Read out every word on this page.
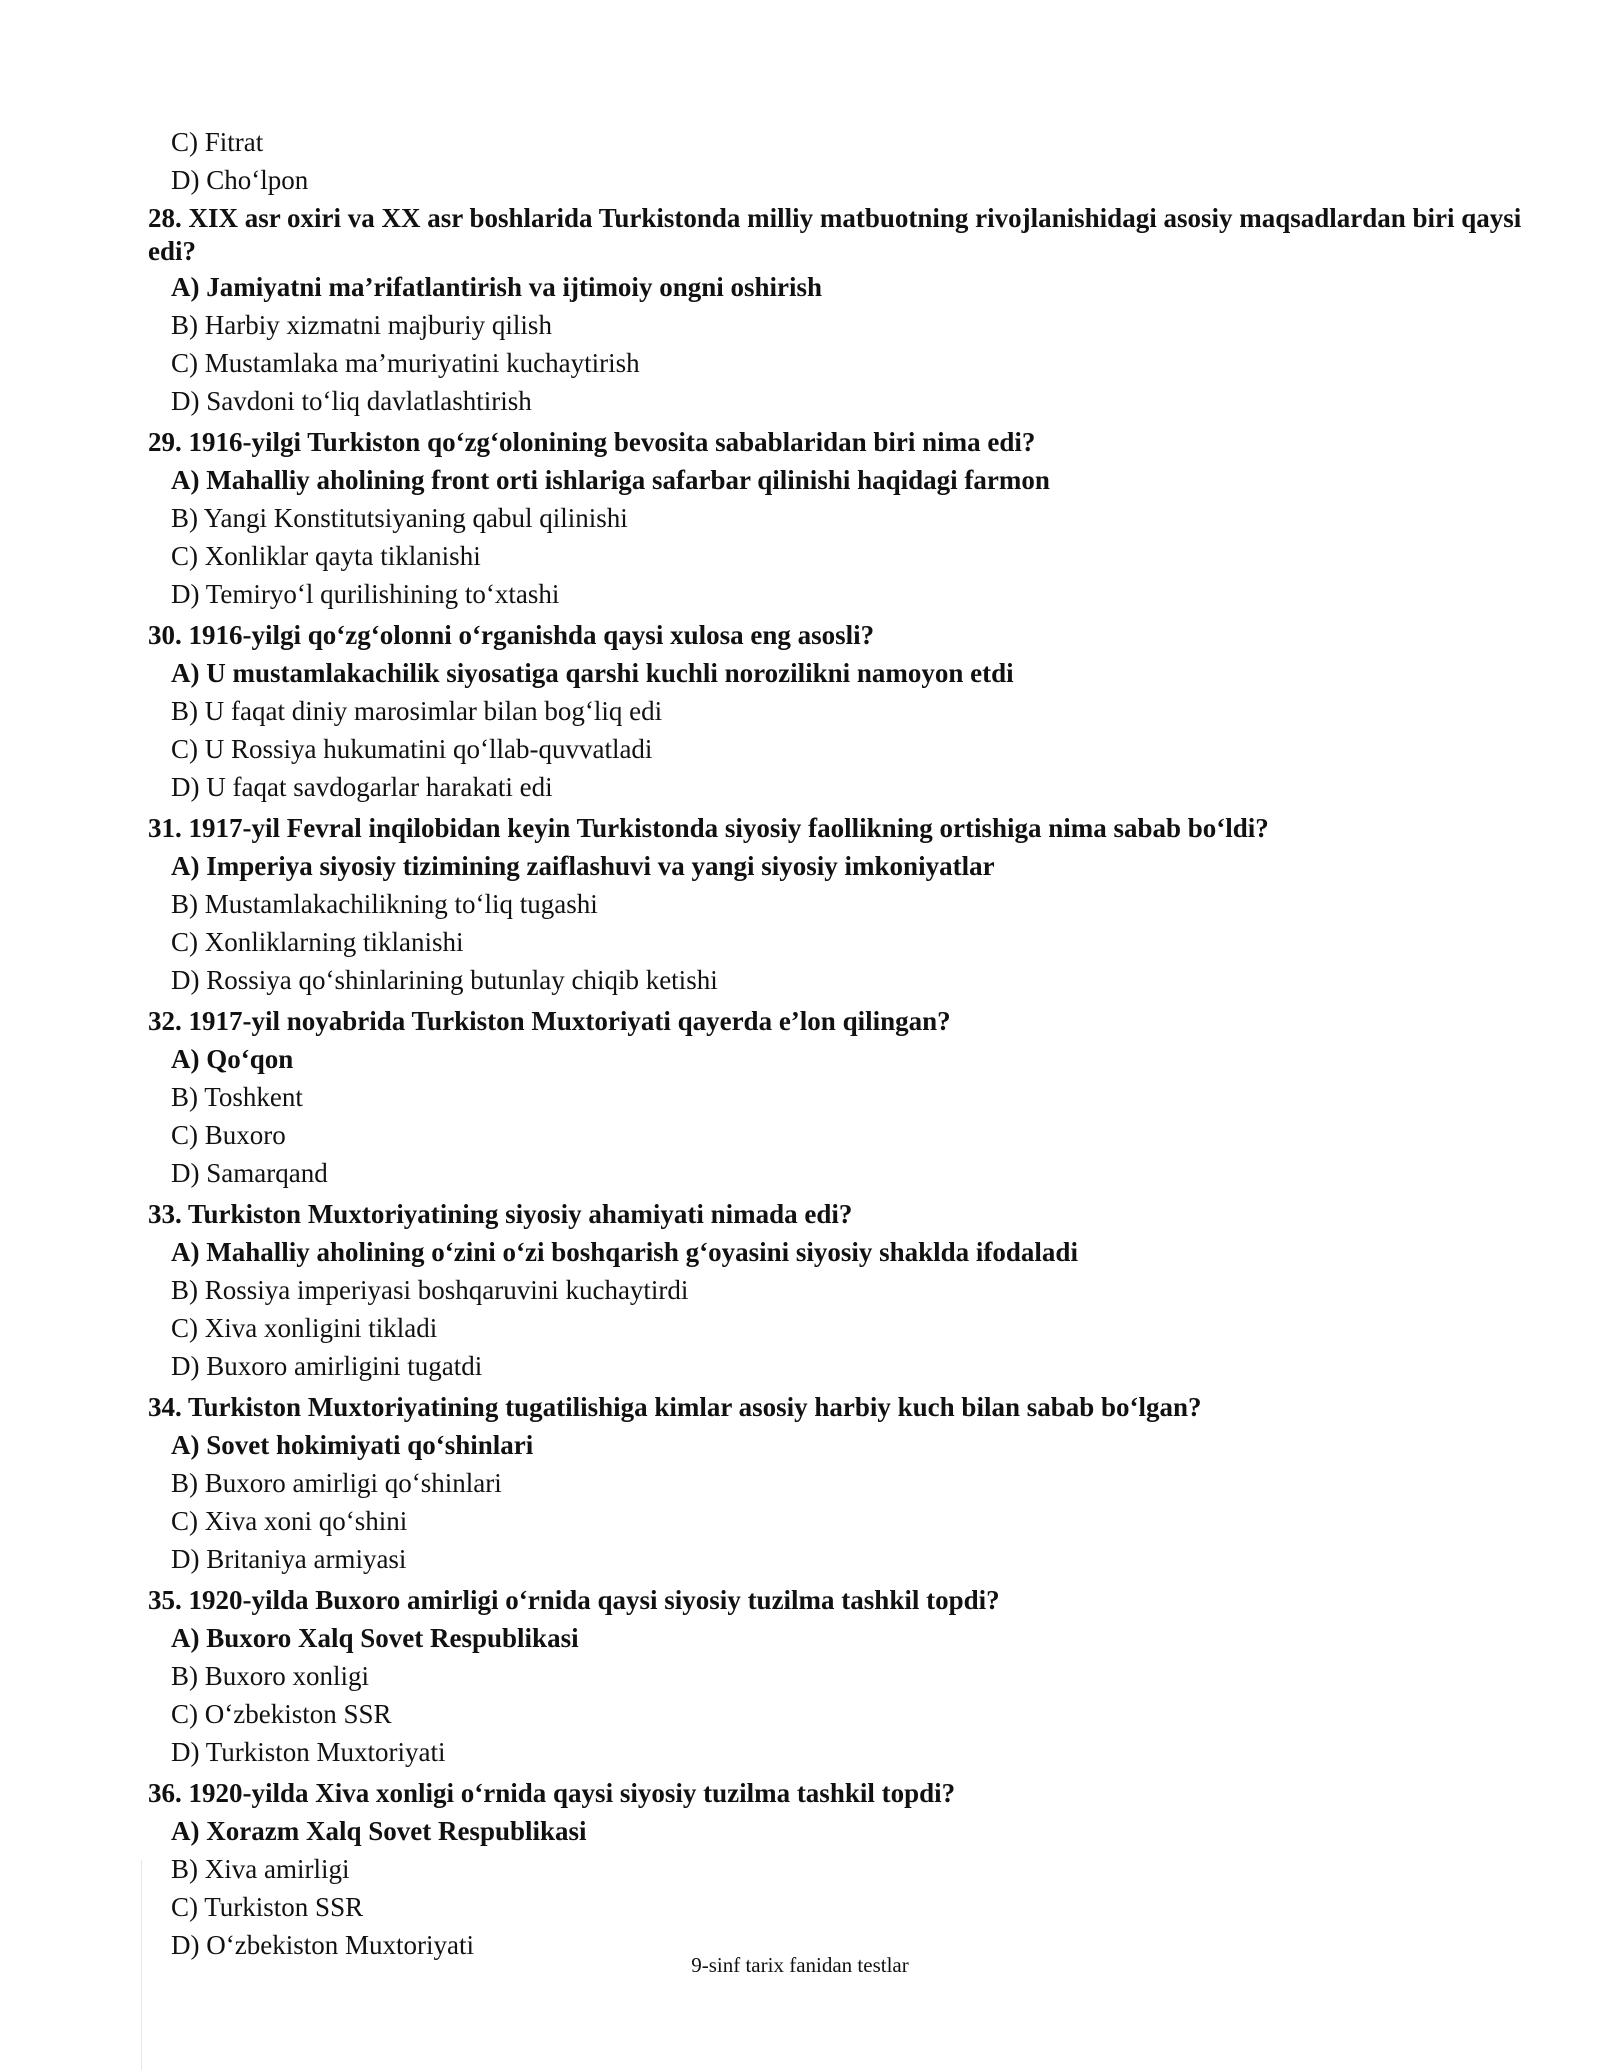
C) Fitrat
D) Cho‘lpon
28. XIX asr oxiri va XX asr boshlarida Turkistonda milliy matbuotning rivojlanishidagi asosiy maqsadlardan biri qaysi edi?
A) Jamiyatni ma’rifatlantirish va ijtimoiy ongni oshirish
B) Harbiy xizmatni majburiy qilish
C) Mustamlaka ma’muriyatini kuchaytirish
D) Savdoni to‘liq davlatlashtirish
29. 1916-yilgi Turkiston qo‘zg‘olonining bevosita sabablaridan biri nima edi?
A) Mahalliy aholining front orti ishlariga safarbar qilinishi haqidagi farmon
B) Yangi Konstitutsiyaning qabul qilinishi
C) Xonliklar qayta tiklanishi
D) Temiryo‘l qurilishining to‘xtashi
30. 1916-yilgi qo‘zg‘olonni o‘rganishda qaysi xulosa eng asosli?
A) U mustamlakachilik siyosatiga qarshi kuchli norozilikni namoyon etdi
B) U faqat diniy marosimlar bilan bog‘liq edi
C) U Rossiya hukumatini qo‘llab-quvvatladi
D) U faqat savdogarlar harakati edi
31. 1917-yil Fevral inqilobidan keyin Turkistonda siyosiy faollikning ortishiga nima sabab bo‘ldi?
A) Imperiya siyosiy tizimining zaiflashuvi va yangi siyosiy imkoniyatlar
B) Mustamlakachilikning to‘liq tugashi
C) Xonliklarning tiklanishi
D) Rossiya qo‘shinlarining butunlay chiqib ketishi
32. 1917-yil noyabrida Turkiston Muxtoriyati qayerda e’lon qilingan?
A) Qo‘qon
B) Toshkent
C) Buxoro
D) Samarqand
33. Turkiston Muxtoriyatining siyosiy ahamiyati nimada edi?
A) Mahalliy aholining o‘zini o‘zi boshqarish g‘oyasini siyosiy shaklda ifodaladi
B) Rossiya imperiyasi boshqaruvini kuchaytirdi
C) Xiva xonligini tikladi
D) Buxoro amirligini tugatdi
34. Turkiston Muxtoriyatining tugatilishiga kimlar asosiy harbiy kuch bilan sabab bo‘lgan?
A) Sovet hokimiyati qo‘shinlari
B) Buxoro amirligi qo‘shinlari
C) Xiva xoni qo‘shini
D) Britaniya armiyasi
35. 1920-yilda Buxoro amirligi o‘rnida qaysi siyosiy tuzilma tashkil topdi?
A) Buxoro Xalq Sovet Respublikasi
B) Buxoro xonligi
C) O‘zbekiston SSR
D) Turkiston Muxtoriyati
36. 1920-yilda Xiva xonligi o‘rnida qaysi siyosiy tuzilma tashkil topdi?
A) Xorazm Xalq Sovet Respublikasi
B) Xiva amirligi
C) Turkiston SSR
D) O‘zbekiston Muxtoriyati
9-sinf tarix fanidan testlar
